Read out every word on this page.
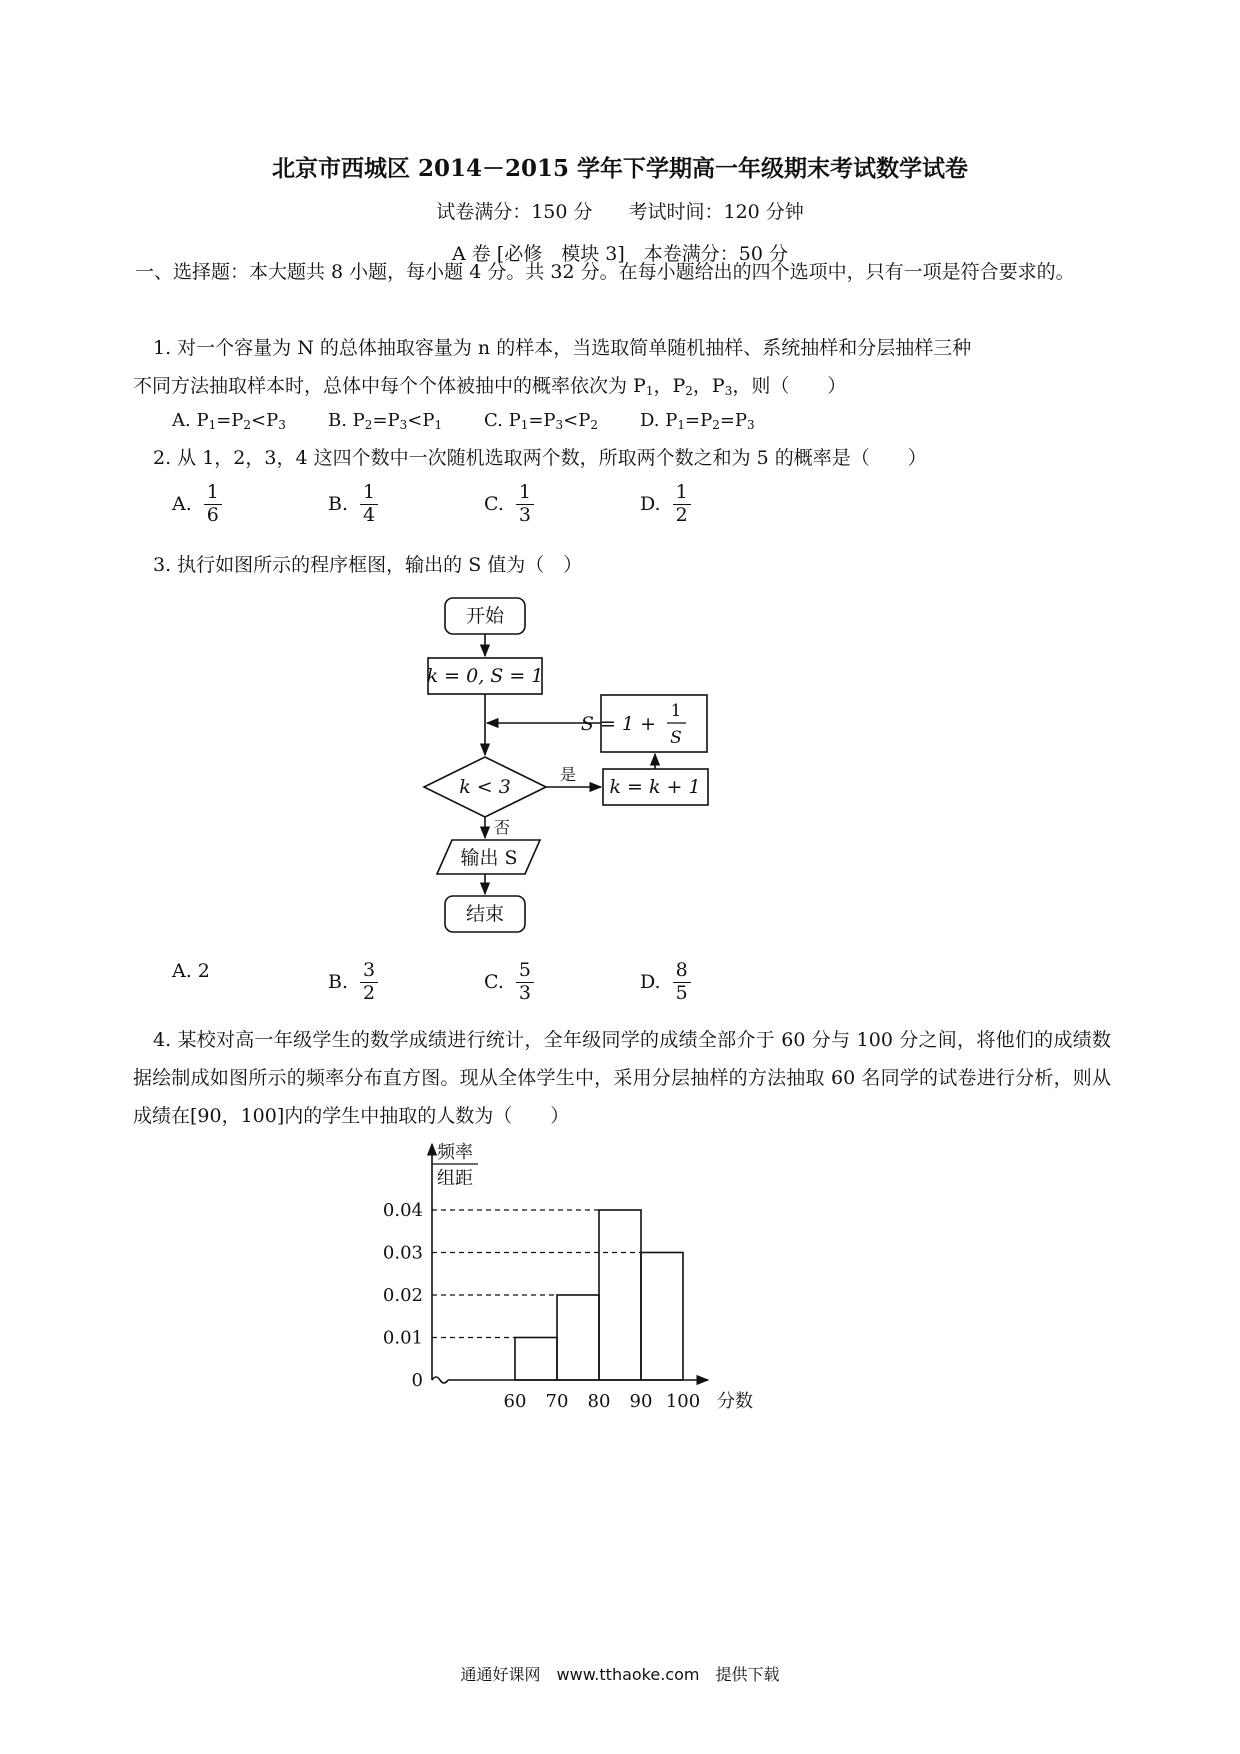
北京市西城区 2014－2015 学年下学期高一年级期末考试数学试卷
试卷满分：150 分 考试时间：120 分钟
A 卷 [必修　模块 3]　本卷满分：50 分
一、选择题：本大题共 8 小题，每小题 4 分。共 32 分。在每小题给出的四个选项中，只有一项是符合要求的。
1. 对一个容量为 N 的总体抽取容量为 n 的样本，当选取简单随机抽样、系统抽样和分层抽样三种
不同方法抽取样本时，总体中每个个体被抽中的概率依次为 $P_1$，$P_2$，$P_3$，则（　　）
A. $P_1=P_2<P_3$ B. $P_2=P_3<P_1$ C. $P_1=P_3<P_2$ D. $P_1=P_2=P_3$
2. 从 1，2，3，4 这四个数中一次随机选取两个数，所取两个数之和为 5 的概率是（　　）
A. $\frac{1}{6}$	B. $\frac{1}{4}$	C. $\frac{1}{3}$	D. $\frac{1}{2}$
3. 执行如图所示的程序框图，输出的 S 值为（　）
开始
k = 0, S = 1
k < 3
是
否
k = k + 1
S = 1 +
1
S
输出 S
结束
A. 2
B. $\frac{3}{2}$	C. $\frac{5}{3}$	D. $\frac{8}{5}$
4. 某校对高一年级学生的数学成绩进行统计，全年级同学的成绩全部介于 60 分与 100 分之间，将他们的成绩数据绘制成如图所示的频率分布直方图。现从全体学生中，采用分层抽样的方法抽取 60 名同学的试卷进行分析，则从成绩在[90，100]内的学生中抽取的人数为（　　）
频率
组距
分数
0.04
0.03
0.02
0.01
0
60 70 80 90 100
通通好课网　www.tthaoke.com　提供下载
